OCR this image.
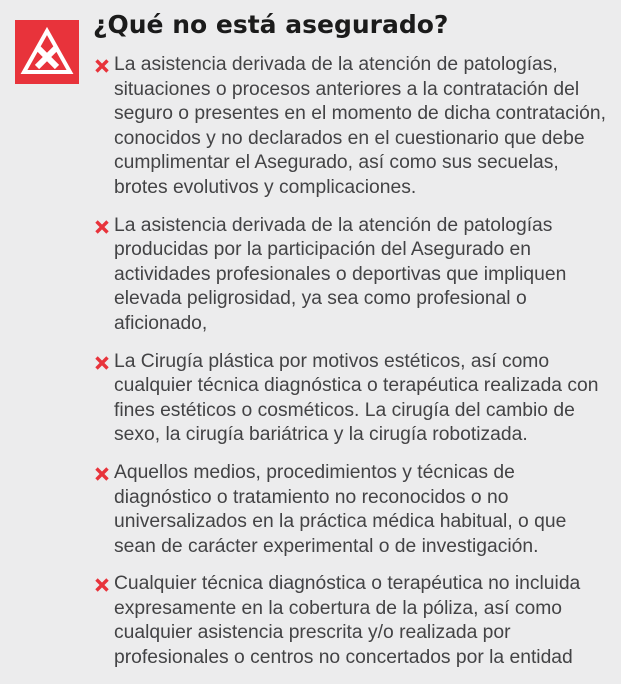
¿Qué no está asegurado?
La asistencia derivada de la atención de patologías, situaciones o procesos anteriores a la contratación del seguro o presentes en el momento de dicha contratación, conocidos y no declarados en el cuestionario que debe cumplimentar el Asegurado, así como sus secuelas, brotes evolutivos y complicaciones.
La asistencia derivada de la atención de patologías producidas por la participación del Asegurado en actividades profesionales o deportivas que impliquen elevada peligrosidad, ya sea como profesional o aficionado,
La Cirugía plástica por motivos estéticos, así como cualquier técnica diagnóstica o terapéutica realizada con fines estéticos o cosméticos. La cirugía del cambio de sexo, la cirugía bariátrica y la cirugía robotizada.
Aquellos medios, procedimientos y técnicas de diagnóstico o tratamiento no reconocidos o no universalizados en la práctica médica habitual, o que sean de carácter experimental o de investigación.
Cualquier técnica diagnóstica o terapéutica no incluida expresamente en la cobertura de la póliza, así como cualquier asistencia prescrita y/o realizada por profesionales o centros no concertados por la entidad
